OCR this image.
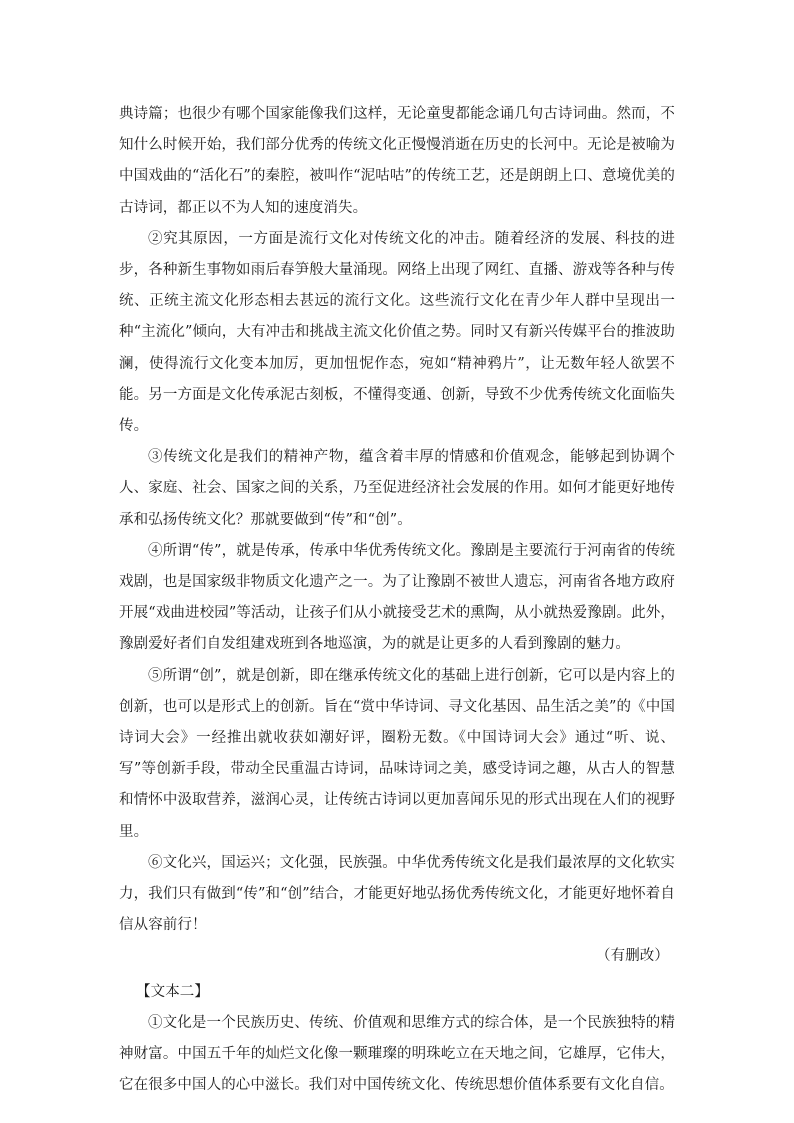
典诗篇；也很少有哪个国家能像我们这样，无论童叟都能念诵几句古诗词曲。然而，不知什么时候开始，我们部分优秀的传统文化正慢慢消逝在历史的长河中。无论是被喻为中国戏曲的“活化石”的秦腔，被叫作“泥咕咕”的传统工艺，还是朗朗上口、意境优美的古诗词，都正以不为人知的速度消失。

②究其原因，一方面是流行文化对传统文化的冲击。随着经济的发展、科技的进步，各种新生事物如雨后春笋般大量涌现。网络上出现了网红、直播、游戏等各种与传统、正统主流文化形态相去甚远的流行文化。这些流行文化在青少年人群中呈现出一种“主流化”倾向，大有冲击和挑战主流文化价值之势。同时又有新兴传媒平台的推波助澜，使得流行文化变本加厉，更加忸怩作态，宛如“精神鸦片”，让无数年轻人欲罢不能。另一方面是文化传承泥古刻板，不懂得变通、创新，导致不少优秀传统文化面临失传。

③传统文化是我们的精神产物，蕴含着丰厚的情感和价值观念，能够起到协调个人、家庭、社会、国家之间的关系，乃至促进经济社会发展的作用。如何才能更好地传承和弘扬传统文化？那就要做到“传”和“创”。

④所谓“传”，就是传承，传承中华优秀传统文化。豫剧是主要流行于河南省的传统戏剧，也是国家级非物质文化遗产之一。为了让豫剧不被世人遗忘，河南省各地方政府开展“戏曲进校园”等活动，让孩子们从小就接受艺术的熏陶，从小就热爱豫剧。此外，豫剧爱好者们自发组建戏班到各地巡演，为的就是让更多的人看到豫剧的魅力。

⑤所谓“创”，就是创新，即在继承传统文化的基础上进行创新，它可以是内容上的创新，也可以是形式上的创新。旨在“赏中华诗词、寻文化基因、品生活之美”的《中国诗词大会》一经推出就收获如潮好评，圈粉无数。《中国诗词大会》通过“听、说、写”等创新手段，带动全民重温古诗词，品味诗词之美，感受诗词之趣，从古人的智慧和情怀中汲取营养，滋润心灵，让传统古诗词以更加喜闻乐见的形式出现在人们的视野里。

⑥文化兴，国运兴；文化强，民族强。中华优秀传统文化是我们最浓厚的文化软实力，我们只有做到“传”和“创”结合，才能更好地弘扬优秀传统文化，才能更好地怀着自信从容前行！

（有删改）

【文本二】

①文化是一个民族历史、传统、价值观和思维方式的综合体，是一个民族独特的精神财富。中国五千年的灿烂文化像一颗璀璨的明珠屹立在天地之间，它雄厚，它伟大，它在很多中国人的心中滋长。我们对中国传统文化、传统思想价值体系要有文化自信。
